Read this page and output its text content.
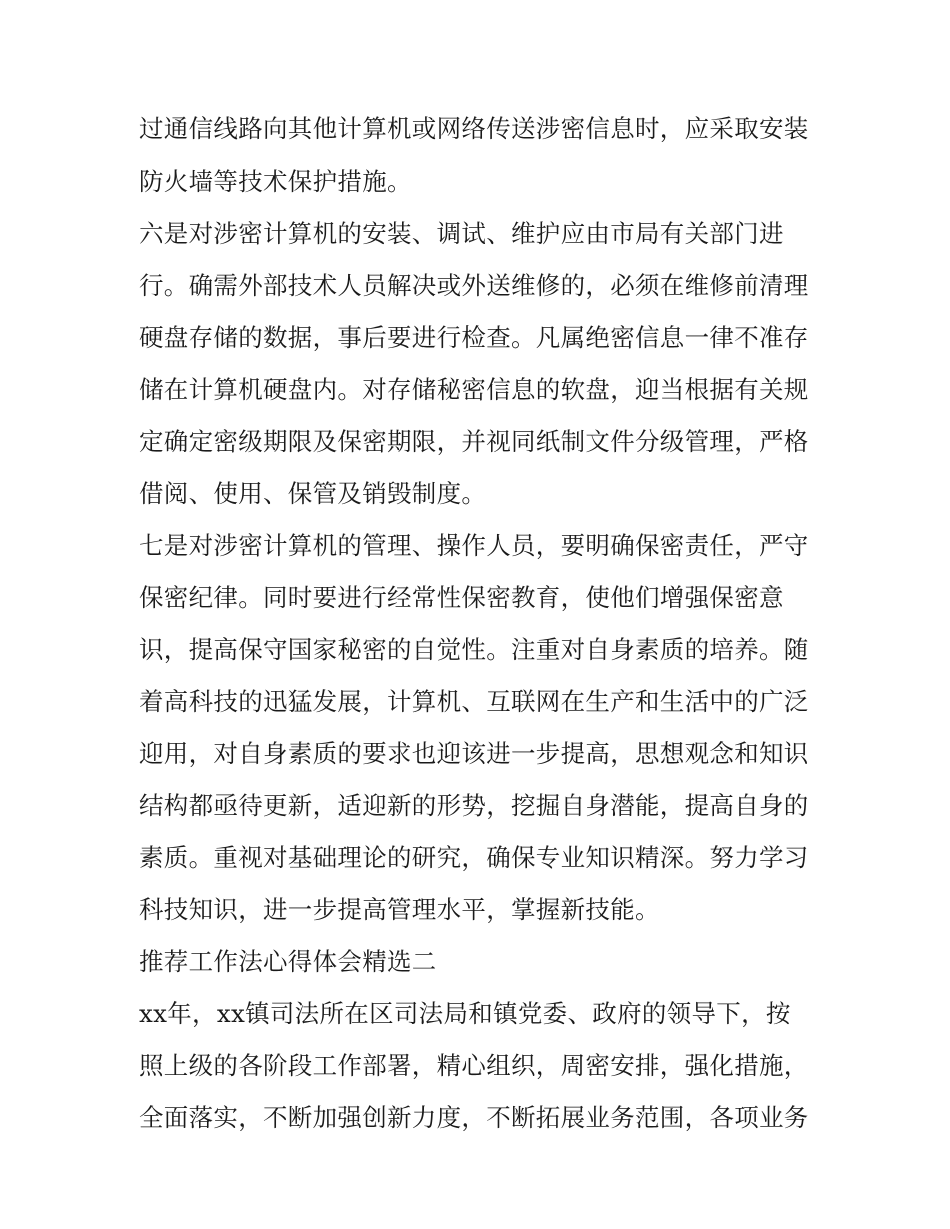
过通信线路向其他计算机或网络传送涉密信息时，应采取安装
防火墙等技术保护措施。
六是对涉密计算机的安装、调试、维护应由市局有关部门进
行。确需外部技术人员解决或外送维修的，必须在维修前清理
硬盘存储的数据，事后要进行检查。凡属绝密信息一律不准存
储在计算机硬盘内。对存储秘密信息的软盘，迎当根据有关规
定确定密级期限及保密期限，并视同纸制文件分级管理，严格
借阅、使用、保管及销毁制度。
七是对涉密计算机的管理、操作人员，要明确保密责任，严守
保密纪律。同时要进行经常性保密教育，使他们增强保密意
识，提高保守国家秘密的自觉性。注重对自身素质的培养。随
着高科技的迅猛发展，计算机、互联网在生产和生活中的广泛
迎用，对自身素质的要求也迎该进一步提高，思想观念和知识
结构都亟待更新，适迎新的形势，挖掘自身潜能，提高自身的
素质。重视对基础理论的研究，确保专业知识精深。努力学习
科技知识，进一步提高管理水平，掌握新技能。
推荐工作法心得体会精选二
xx年，xx镇司法所在区司法局和镇党委、政府的领导下，按
照上级的各阶段工作部署，精心组织，周密安排，强化措施，
全面落实，不断加强创新力度，不断拓展业务范围，各项业务
